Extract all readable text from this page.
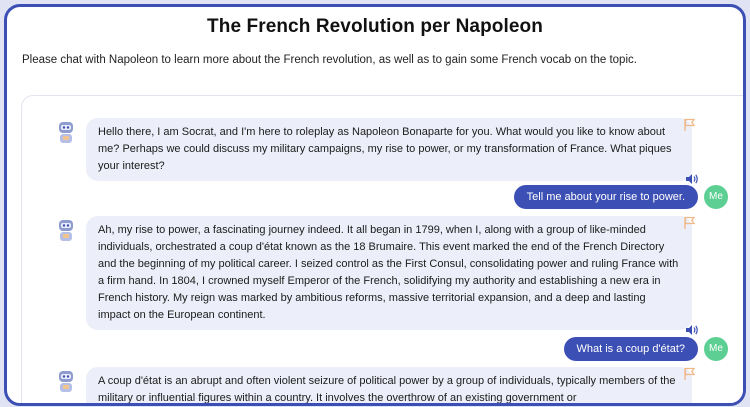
The French Revolution per Napoleon
Please chat with Napoleon to learn more about the French revolution, as well as to gain some French vocab on the topic.
Hello there, I am Socrat, and I'm here to roleplay as Napoleon Bonaparte for you. What would you like to know about me? Perhaps we could discuss my military campaigns, my rise to power, or my transformation of France. What piques your interest?
Tell me about your rise to power.	Me
Ah, my rise to power, a fascinating journey indeed. It all began in 1799, when I, along with a group of like-minded individuals, orchestrated a coup d'état known as the 18 Brumaire. This event marked the end of the French Directory and the beginning of my political career. I seized control as the First Consul, consolidating power and ruling France with a firm hand. In 1804, I crowned myself Emperor of the French, solidifying my authority and establishing a new era in French history. My reign was marked by ambitious reforms, massive territorial expansion, and a deep and lasting impact on the European continent.
What is a coup d'état?	Me
A coup d'état is an abrupt and often violent seizure of political power by a group of individuals, typically members of the military or influential figures within a country. It involves the overthrow of an existing government or
